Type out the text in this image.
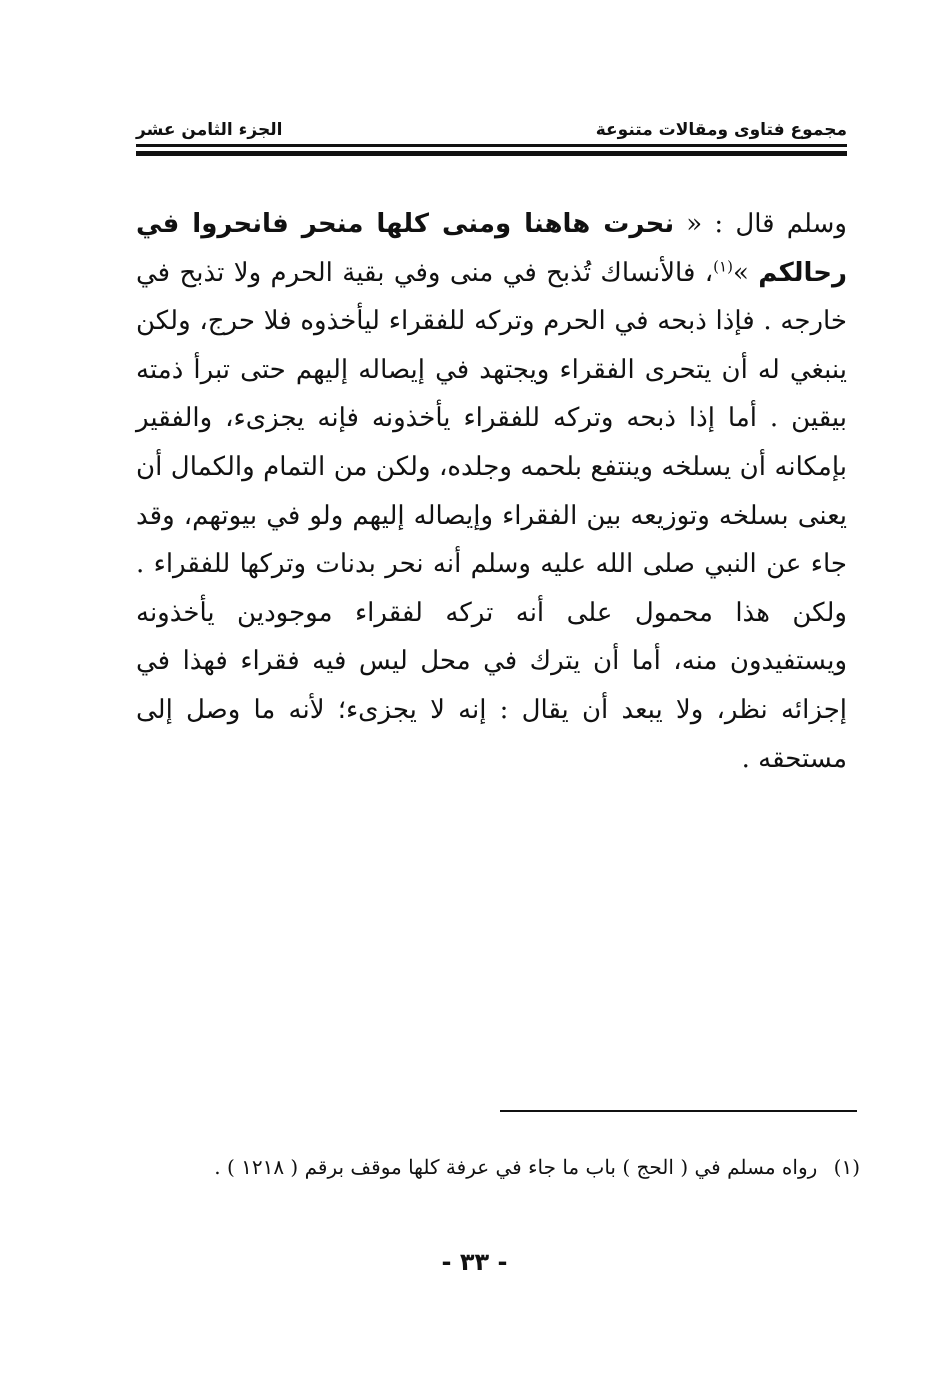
الجزء الثامن عشر	مجموع فتاوى ومقالات متنوعة

وسلم قال : « نحرت هاهنا ومنى كلها منحر فانحروا في رحالكم »$^{(١)}$، فالأنساك تُذبح في منى وفي بقية الحرم ولا تذبح في خارجه . فإذا ذبحه في الحرم وتركه للفقراء ليأخذوه فلا حرج، ولكن ينبغي له أن يتحرى الفقراء ويجتهد في إيصاله إليهم حتى تبرأ ذمته بيقين . أما إذا ذبحه وتركه للفقراء يأخذونه فإنه يجزىء، والفقير بإمكانه أن يسلخه وينتفع بلحمه وجلده، ولكن من التمام والكمال أن يعنى بسلخه وتوزيعه بين الفقراء وإيصاله إليهم ولو في بيوتهم، وقد جاء عن النبي صلى الله عليه وسلم أنه نحر بدنات وتركها للفقراء . ولكن هذا محمول على أنه تركه لفقراء موجودين يأخذونه ويستفيدون منه، أما أن يترك في محل ليس فيه فقراء فهذا في إجزائه نظر، ولا يبعد أن يقال : إنه لا يجزىء؛ لأنه ما وصل إلى مستحقه .

(١) رواه مسلم في ( الحج ) باب ما جاء في عرفة كلها موقف برقم ( ١٢١٨ ) .
- ٣٣ -
